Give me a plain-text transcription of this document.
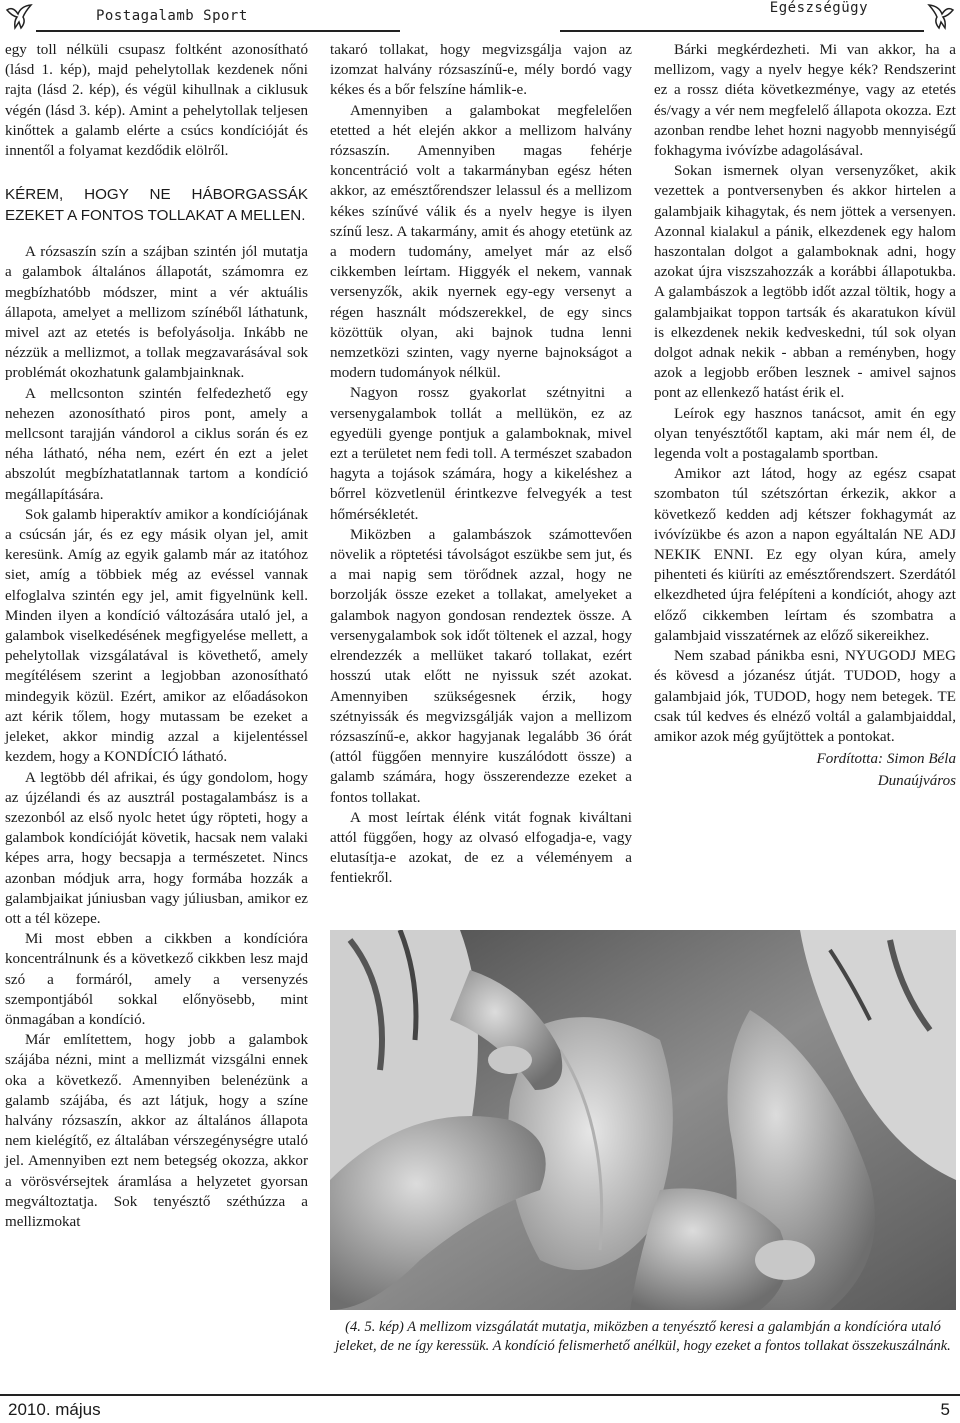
Postagalamb Sport	Egészségügy

egy toll nélküli csupasz foltként azonosítható (lásd 1. kép), majd pehelytollak kezdenek nőni rajta (lásd 2. kép), és végül kihullnak a ciklusuk végén (lásd 3. kép). Amint a pehelytollak teljesen kinőttek a galamb elérte a csúcs kondícióját és innentől a folyamat kezdődik elölről.

KÉREM, HOGY NE HÁBORGASSÁK EZEKET A FONTOS TOLLAKAT A MELLEN.

A rózsaszín szín a szájban szintén jól mutatja a galambok általános állapotát, számomra ez megbízhatóbb módszer, mint a vér aktuális állapota, amelyet a mellizom színéből láthatunk, mivel azt az etetés is befolyásolja. Inkább ne nézzük a mellizmot, a tollak megzavarásával sok problémát okozhatunk galambjainknak.

A mellcsonton szintén felfedezhető egy nehezen azonosítható piros pont, amely a mellcsont tarajján vándorol a ciklus során és ez néha látható, néha nem, ezért én ezt a jelet abszolút megbízhatatlannak tartom a kondíció megállapítására.

Sok galamb hiperaktív amikor a kondíciójának a csúcsán jár, és ez egy másik olyan jel, amit keresünk. Amíg az egyik galamb már az itatóhoz siet, amíg a többiek még az evéssel vannak elfoglalva szintén egy jel, amit figyelnünk kell. Minden ilyen a kondíció változására utaló jel, a galambok viselkedésének megfigyelése mellett, a pehelytollak vizsgálatával is követhető, amely megítélésem szerint a legjobban azonosítható mindegyik közül. Ezért, amikor az előadásokon azt kérik tőlem, hogy mutassam be ezeket a jeleket, akkor mindig azzal a kijelentéssel kezdem, hogy a KONDÍCIÓ látható.

A legtöbb dél afrikai, és úgy gondolom, hogy az újzélandi és az ausztrál postagalambász is a szezonból az első nyolc hetet úgy röpteti, hogy a galambok kondícióját követik, hacsak nem valaki képes arra, hogy becsapja a természetet. Nincs azonban módjuk arra, hogy formába hozzák a galambjaikat júniusban vagy júliusban, amikor ez ott a tél közepe.

Mi most ebben a cikkben a kondícióra koncentrálnunk és a következő cikkben lesz majd szó a formáról, amely a versenyzés szempontjából sokkal előnyösebb, mint önmagában a kondíció.

Már említettem, hogy jobb a galambok szájába nézni, mint a mellizmát vizsgálni ennek oka a következő. Amennyiben belenézünk a galamb szájába, és azt látjuk, hogy a színe halvány rózsaszín, akkor az általános állapota nem kielégítő, ez általában vérszegénységre utaló jel. Amennyiben ezt nem betegség okozza, akkor a vörösvérsejtek áramlása a helyzetet gyorsan megváltoztatja. Sok tenyésztő széthúzza a mellizmokat

takaró tollakat, hogy megvizsgálja vajon az izomzat halvány rózsaszínű-e, mély bordó vagy kékes és a bőr felszíne hámlik-e.

Amennyiben a galambokat megfelelően etetted a hét elején akkor a mellizom halvány rózsaszín. Amennyiben magas fehérje koncentráció volt a takarmányban egész héten akkor, az emésztőrendszer lelassul és a mellizom kékes színűvé válik és a nyelv hegye is ilyen színű lesz. A takarmány, amit és ahogy etetünk az a modern tudomány, amelyet már az első cikkemben leírtam. Higgyék el nekem, vannak versenyzők, akik nyernek egy-egy versenyt a régen használt módszerekkel, de egy sincs közöttük olyan, aki bajnok tudna lenni nemzetközi szinten, vagy nyerne bajnokságot a modern tudományok nélkül.

Nagyon rossz gyakorlat szétnyitni a versenygalambok tollát a mellükön, ez az egyedüli gyenge pontjuk a galamboknak, mivel ezt a területet nem fedi toll. A természet szabadon hagyta a tojások számára, hogy a kikeléshez a bőrrel közvetlenül érintkezve felvegyék a test hőmérsékletét.

Miközben a galambászok számottevően növelik a röptetési távolságot eszükbe sem jut, és a mai napig sem törődnek azzal, hogy ne borzolják össze ezeket a tollakat, amelyeket a galambok nagyon gondosan rendeztek össze. A versenygalambok sok időt töltenek el azzal, hogy elrendezzék a mellüket takaró tollakat, ezért hosszú utak előtt ne nyissuk szét azokat. Amennyiben szükségesnek érzik, hogy szétnyissák és megvizsgálják vajon a mellizom rózsaszínű-e, akkor hagyjanak legalább 36 órát (attól függően mennyire kuszálódott össze) a galamb számára, hogy összerendezze ezeket a fontos tollakat.

A most leírtak élénk vitát fognak kiváltani attól függően, hogy az olvasó elfogadja-e, vagy elutasítja-e azokat, de ez a véleményem a fentiekről.

Bárki megkérdezheti. Mi van akkor, ha a mellizom, vagy a nyelv hegye kék? Rendszerint ez a rossz diéta következménye, vagy az etetés és/vagy a vér nem megfelelő állapota okozza. Ezt azonban rendbe lehet hozni nagyobb mennyiségű fokhagyma ivóvízbe adagolásával.

Sokan ismernek olyan versenyzőket, akik vezettek a pontversenyben és akkor hirtelen a galambjaik kihagytak, és nem jöttek a versenyen. Azonnal kialakul a pánik, elkezdenek egy halom haszontalan dolgot a galamboknak adni, hogy azokat újra viszszahozzák a korábbi állapotukba. A galambászok a legtöbb időt azzal töltik, hogy a galambjaikat toppon tartsák és akaratukon kívül is elkezdenek nekik kedveskedni, túl sok olyan dolgot adnak nekik - abban a reményben, hogy azok a legjobb erőben lesznek - amivel sajnos pont az ellenkező hatást érik el.

Leírok egy hasznos tanácsot, amit én egy olyan tenyésztőtől kaptam, aki már nem él, de legenda volt a postagalamb sportban.

Amikor azt látod, hogy az egész csapat szombaton túl szétszórtan érkezik, akkor a következő kedden adj kétszer fokhagymát az ivóvízükbe és azon a napon egyáltalán NE ADJ NEKIK ENNI. Ez egy olyan kúra, amely pihenteti és kiüríti az emésztőrendszert. Szerdától elkezdheted újra felépíteni a kondíciót, ahogy azt előző cikkemben leírtam és szombatra a galambjaid visszatérnek az előző sikereikhez.

Nem szabad pánikba esni, NYUGODJ MEG és kövesd a józanész útját. TUDOD, hogy a galambjaid jók, TUDOD, hogy nem betegek. TE csak túl kedves és elnéző voltál a galambjaiddal, amikor azok még gyűjtöttek a pontokat.

Fordította: Simon Béla
Dunaújváros
(4. 5. kép) A mellizom vizsgálatát mutatja, miközben a tenyésztő keresi a galambján a kondícióra utaló jeleket, de ne így keressük. A kondíció felismerhető anélkül, hogy ezeket a fontos tollakat összekuszálnánk.
2010. május	5
